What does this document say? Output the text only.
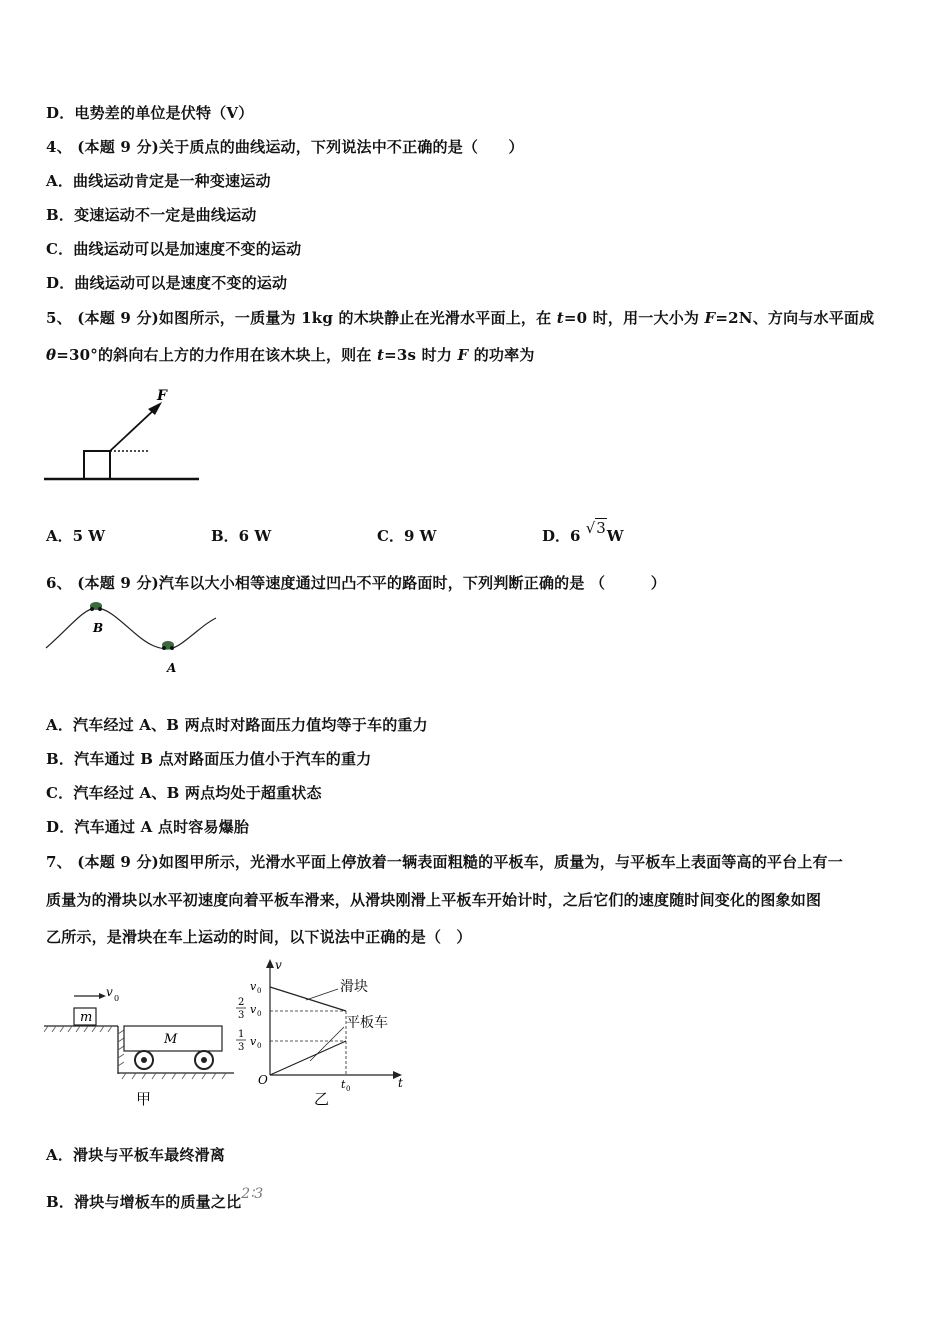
D．电势差的单位是伏特（V）
4、 (本题 9 分)关于质点的曲线运动，下列说法中不正确的是（　　）
A．曲线运动肯定是一种变速运动
B．变速运动不一定是曲线运动
C．曲线运动可以是加速度不变的运动
D．曲线运动可以是速度不变的运动
5、 (本题 9 分)如图所示，一质量为 1kg 的木块静止在光滑水平面上，在 t=0 时，用一大小为 F=2N、方向与水平面成
θ=30°的斜向右上方的力作用在该木块上，则在 t=3s 时力 F 的功率为
F
A．5 W	B．6 W	C．9 W	D．6 √3W
6、 (本题 9 分)汽车以大小相等速度通过凹凸不平的路面时，下列判断正确的是 （　　　）
B
A
A．汽车经过 A、B 两点时对路面压力值均等于车的重力
B．汽车通过 B 点对路面压力值小于汽车的重力
C．汽车经过 A、B 两点均处于超重状态
D．汽车通过 A 点时容易爆胎
7、 (本题 9 分)如图甲所示，光滑水平面上停放着一辆表面粗糙的平板车，质量为，与平板车上表面等高的平台上有一
质量为的滑块以水平初速度向着平板车滑来，从滑块刚滑上平板车开始计时，之后它们的速度随时间变化的图象如图
乙所示，是滑块在车上运动的时间，以下说法中正确的是（　）
m
v 0
M
甲
v
t
O
v 0
2
3 v 0
1
3 v 0
滑块
平板车
t 0
乙
A．滑块与平板车最终滑离
B．滑块与增板车的质量之比2∶3
